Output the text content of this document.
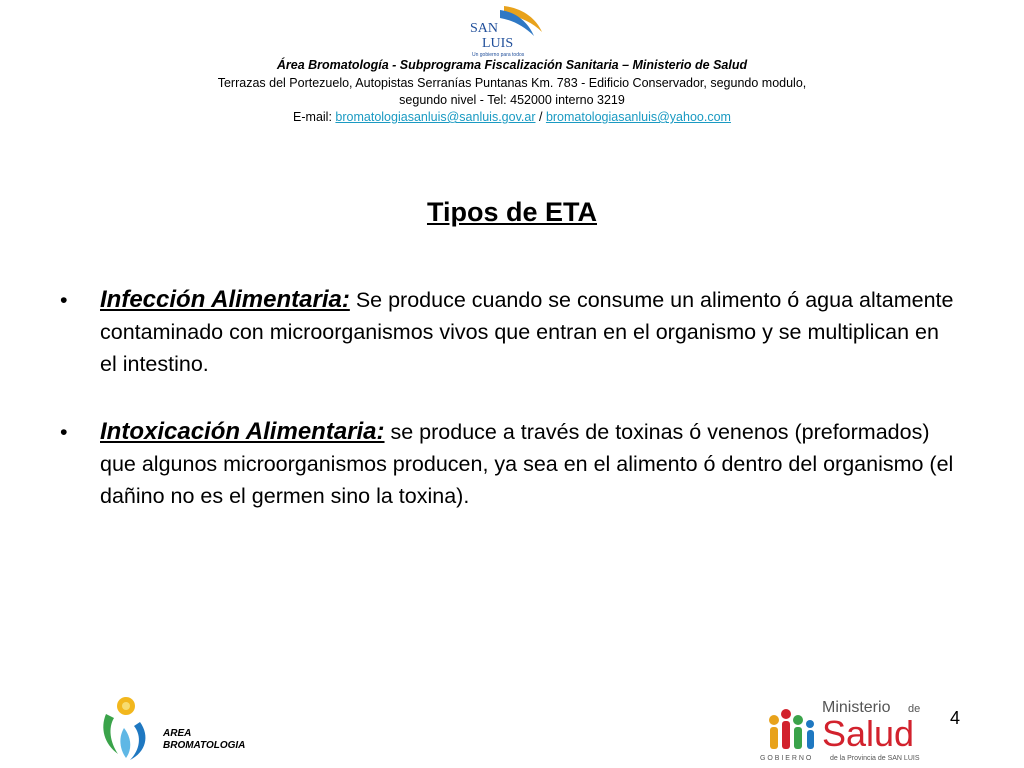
SAN
LUIS
Un gobierno para todos
Área Bromatología - Subprograma Fiscalización Sanitaria – Ministerio de Salud
Terrazas del Portezuelo, Autopistas Serranías Puntanas Km. 783 - Edificio Conservador, segundo modulo,
segundo nivel - Tel: 452000 interno 3219
E-mail: bromatologiasanluis@sanluis.gov.ar / bromatologiasanluis@yahoo.com
Tipos de ETA
• Infección Alimentaria: Se produce cuando se consume un alimento ó agua altamente contaminado con microorganismos vivos que entran en el organismo y se multiplican en el intestino.
• Intoxicación Alimentaria: se produce a través de toxinas ó venenos (preformados) que algunos microorganismos producen, ya sea en el alimento ó dentro del organismo (el dañino no es el germen sino la toxina).
AREA
BROMATOLOGIA
Ministerio de
Salud
G O B I E R N O	de la Provincia de SAN LUIS
4
